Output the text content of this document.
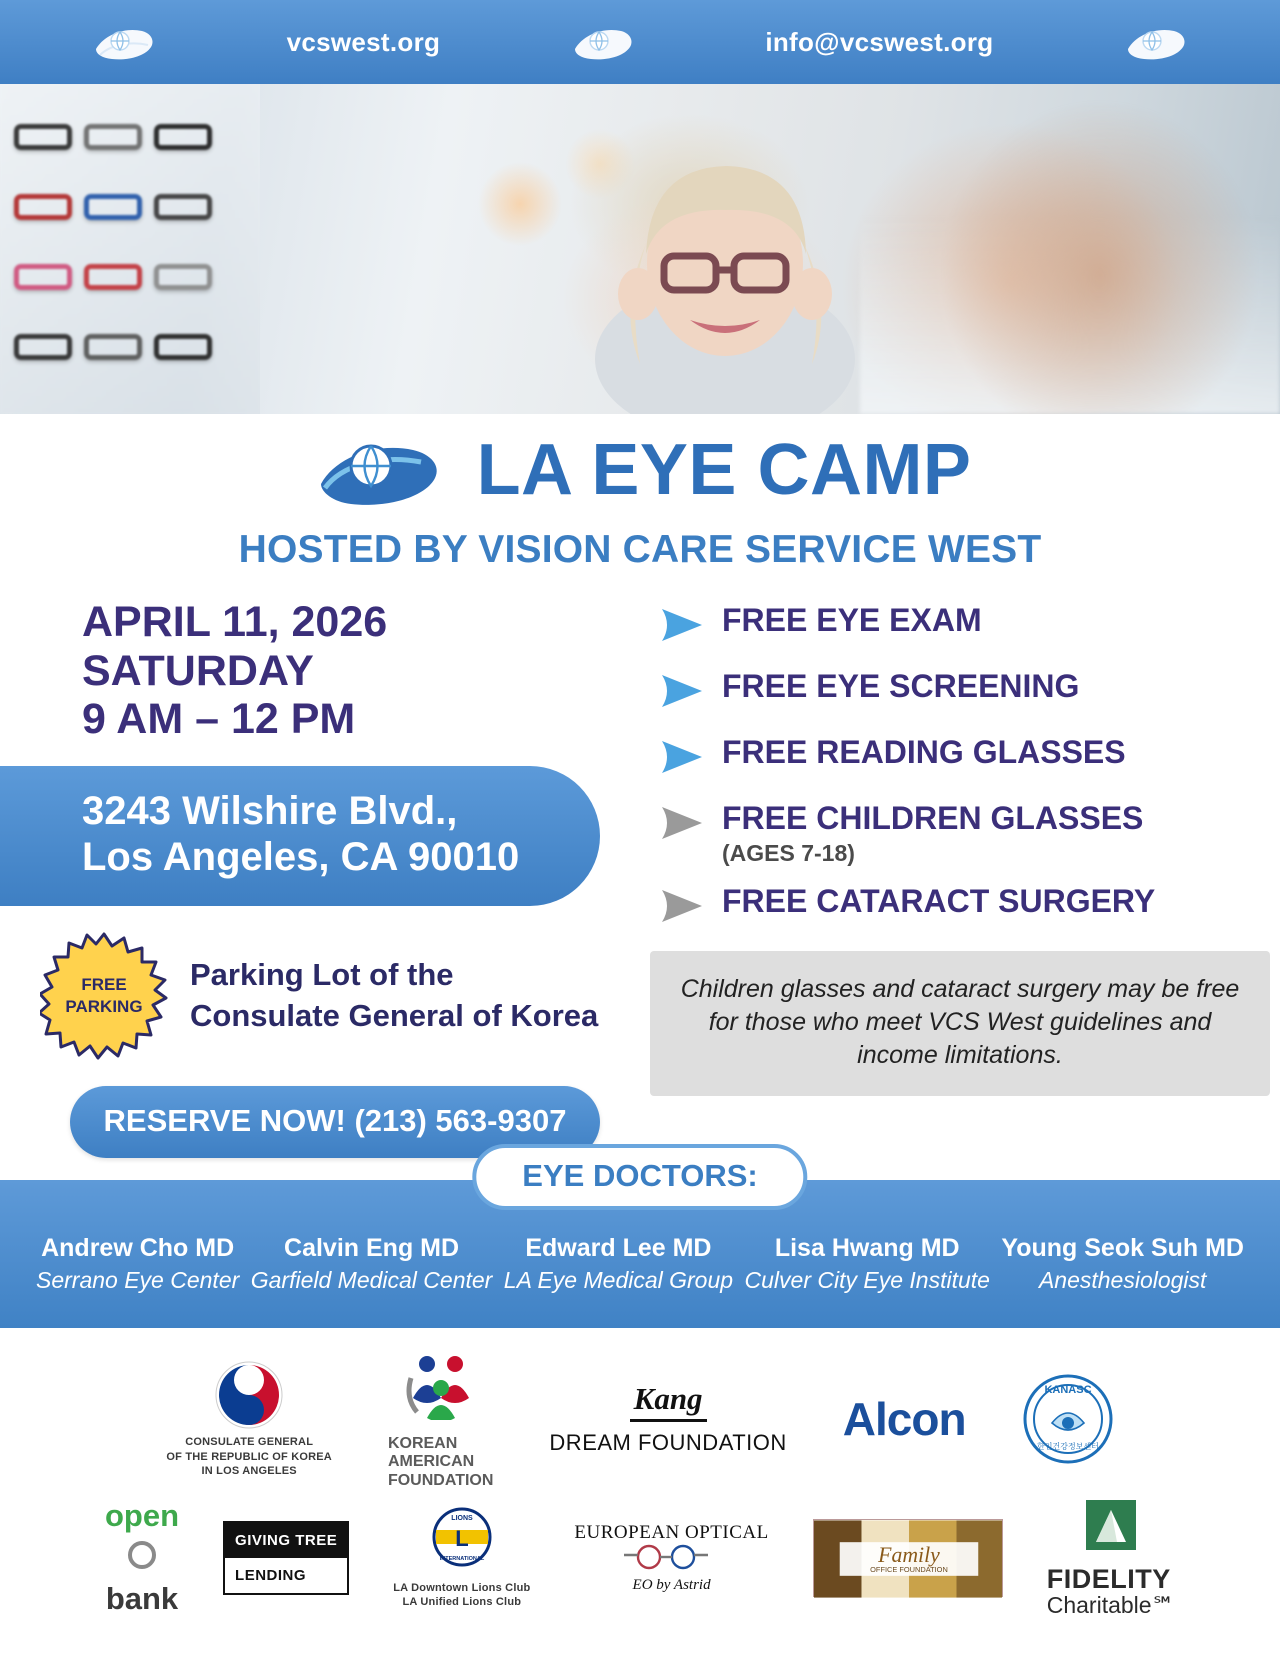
vcswest.org	info@vcswest.org
LA EYE CAMP
HOSTED BY VISION CARE SERVICE WEST
APRIL 11, 2026
SATURDAY
9 AM – 12 PM
3243 Wilshire Blvd.,
Los Angeles, CA 90010
FREE
PARKING
Parking Lot of the
Consulate General of Korea
RESERVE NOW! (213) 563-9307
FREE EYE EXAM
FREE EYE SCREENING
FREE READING GLASSES
FREE CHILDREN GLASSES
(AGES 7-18)
FREE CATARACT SURGERY
Children glasses and cataract surgery may be free for those who meet VCS West guidelines and income limitations.
EYE DOCTORS:
Andrew Cho MD
Serrano Eye Center
Calvin Eng MD
Garfield Medical Center
Edward Lee MD
LA Eye Medical Group
Lisa Hwang MD
Culver City Eye Institute
Young Seok Suh MD
Anesthesiologist
CONSULATE GENERAL
OF THE REPUBLIC OF KOREA
IN LOS ANGELES
KOREAN
AMERICAN
FOUNDATION
Kang
DREAM FOUNDATION Alcon
KANASC
한인건강정보센터
open
bank
GIVING TREE
LENDING
L
LIONS
INTERNATIONAL
LA Downtown Lions Club
LA Unified Lions Club
EUROPEAN OPTICAL
EO by Astrid
Family
OFFICE FOUNDATION	FIDELITY
Charitable℠
